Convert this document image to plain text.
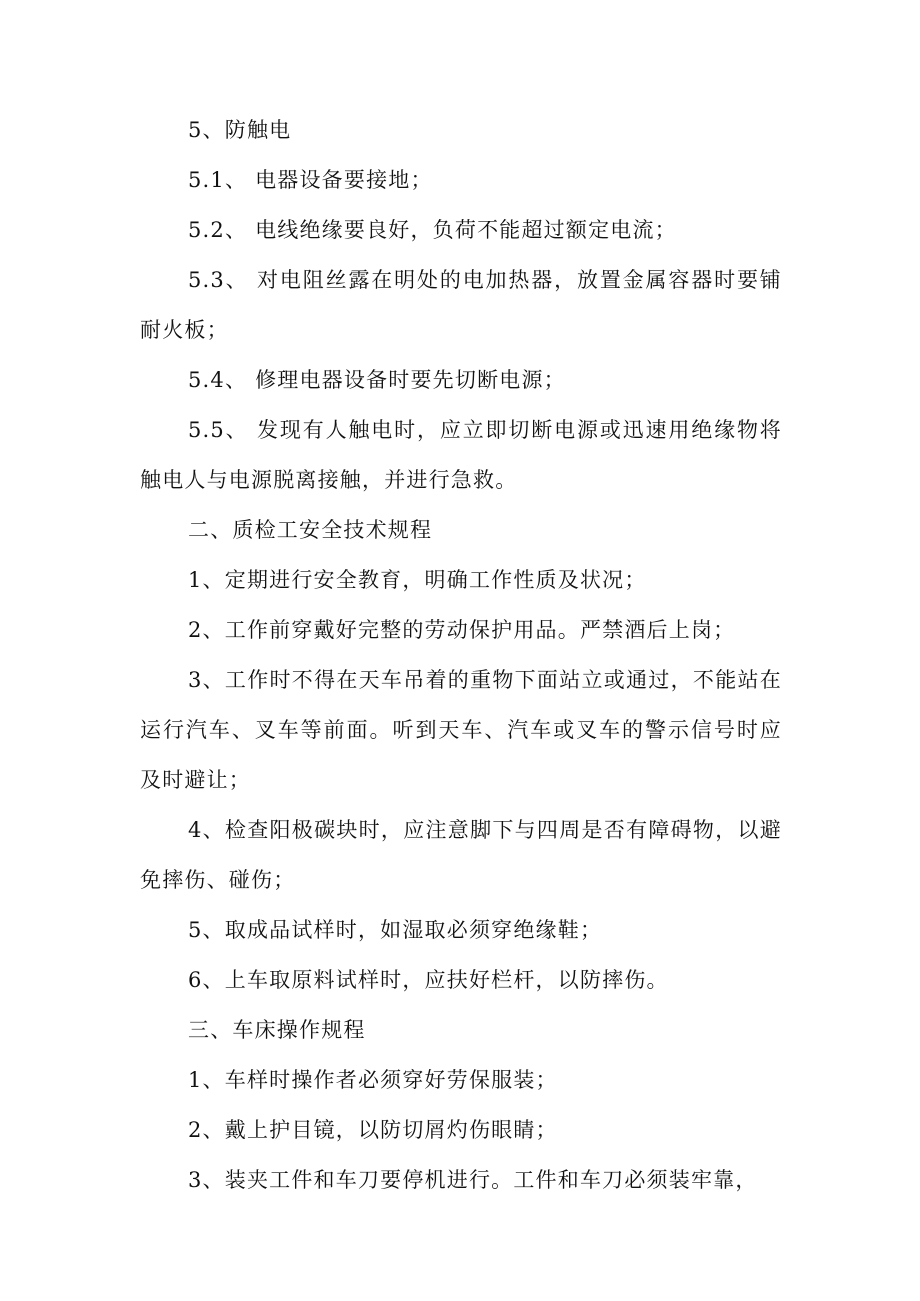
5、防触电

5.1、 电器设备要接地；

5.2、 电线绝缘要良好，负荷不能超过额定电流；

5.3、 对电阻丝露在明处的电加热器，放置金属容器时要铺耐火板；

5.4、 修理电器设备时要先切断电源；

5.5、 发现有人触电时，应立即切断电源或迅速用绝缘物将触电人与电源脱离接触，并进行急救。

二、质检工安全技术规程

1、定期进行安全教育，明确工作性质及状况；

2、工作前穿戴好完整的劳动保护用品。严禁酒后上岗；

3、工作时不得在天车吊着的重物下面站立或通过，不能站在运行汽车、叉车等前面。听到天车、汽车或叉车的警示信号时应及时避让；

4、检查阳极碳块时，应注意脚下与四周是否有障碍物，以避免摔伤、碰伤；

5、取成品试样时，如湿取必须穿绝缘鞋；

6、上车取原料试样时，应扶好栏杆，以防摔伤。

三、车床操作规程

1、车样时操作者必须穿好劳保服装；

2、戴上护目镜，以防切屑灼伤眼睛；

3、装夹工件和车刀要停机进行。工件和车刀必须装牢靠，
